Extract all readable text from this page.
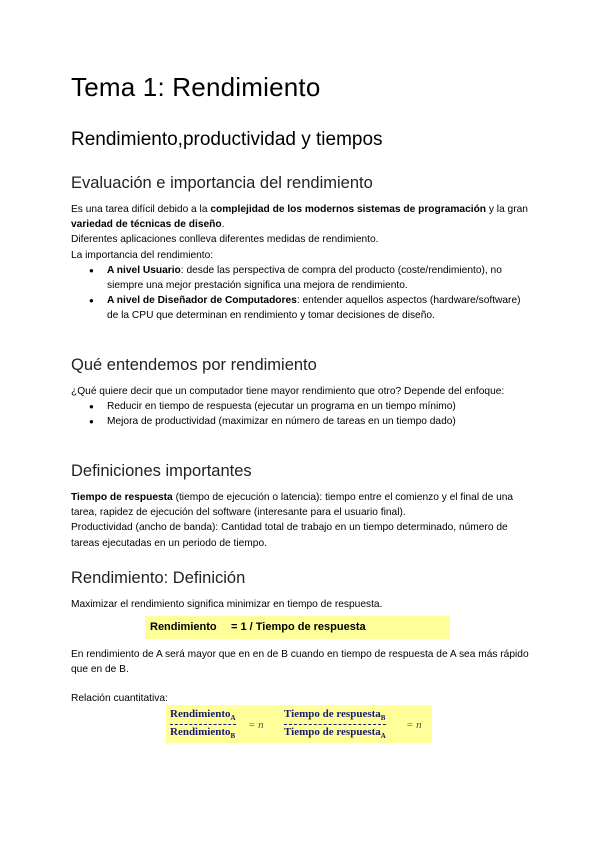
Tema 1: Rendimiento
Rendimiento,productividad y tiempos
Evaluación e importancia del rendimiento

Es una tarea difícil debido a la complejidad de los modernos sistemas de programación y la gran variedad de técnicas de diseño.

Diferentes aplicaciones conlleva diferentes medidas de rendimiento.

La importancia del rendimiento:

● A nivel Usuario: desde las perspectiva de compra del producto (coste/rendimiento), no siempre una mejor prestación significa una mejora de rendimiento.
● A nivel de Diseñador de Computadores: entender aquellos aspectos (hardware/software) de la CPU que determinan en rendimiento y tomar decisiones de diseño.
Qué entendemos por rendimiento

¿Qué quiere decir que un computador tiene mayor rendimiento que otro? Depende del enfoque:

● Reducir en tiempo de respuesta (ejecutar un programa en un tiempo mínimo)
● Mejora de productividad (maximizar en número de tareas en un tiempo dado)
Definiciones importantes

Tiempo de respuesta (tiempo de ejecución o latencia): tiempo entre el comienzo y el final de una tarea, rapidez de ejecución del software (interesante para el usuario final).

Productividad (ancho de banda): Cantidad total de trabajo en un tiempo determinado, número de tareas ejecutadas en un periodo de tiempo.

Rendimiento: Definición
Maximizar el rendimiento significa minimizar en tiempo de respuesta.
Rendimiento = 1 / Tiempo de respuesta
En rendimiento de A será mayor que en en de B cuando en tiempo de respuesta de A sea más rápido que en de B.
Relación cuantitativa:
Rendimiento$_A$
Rendimiento$_B$
= n
Tiempo de respuesta$_B$
Tiempo de respuesta$_A$
= n
